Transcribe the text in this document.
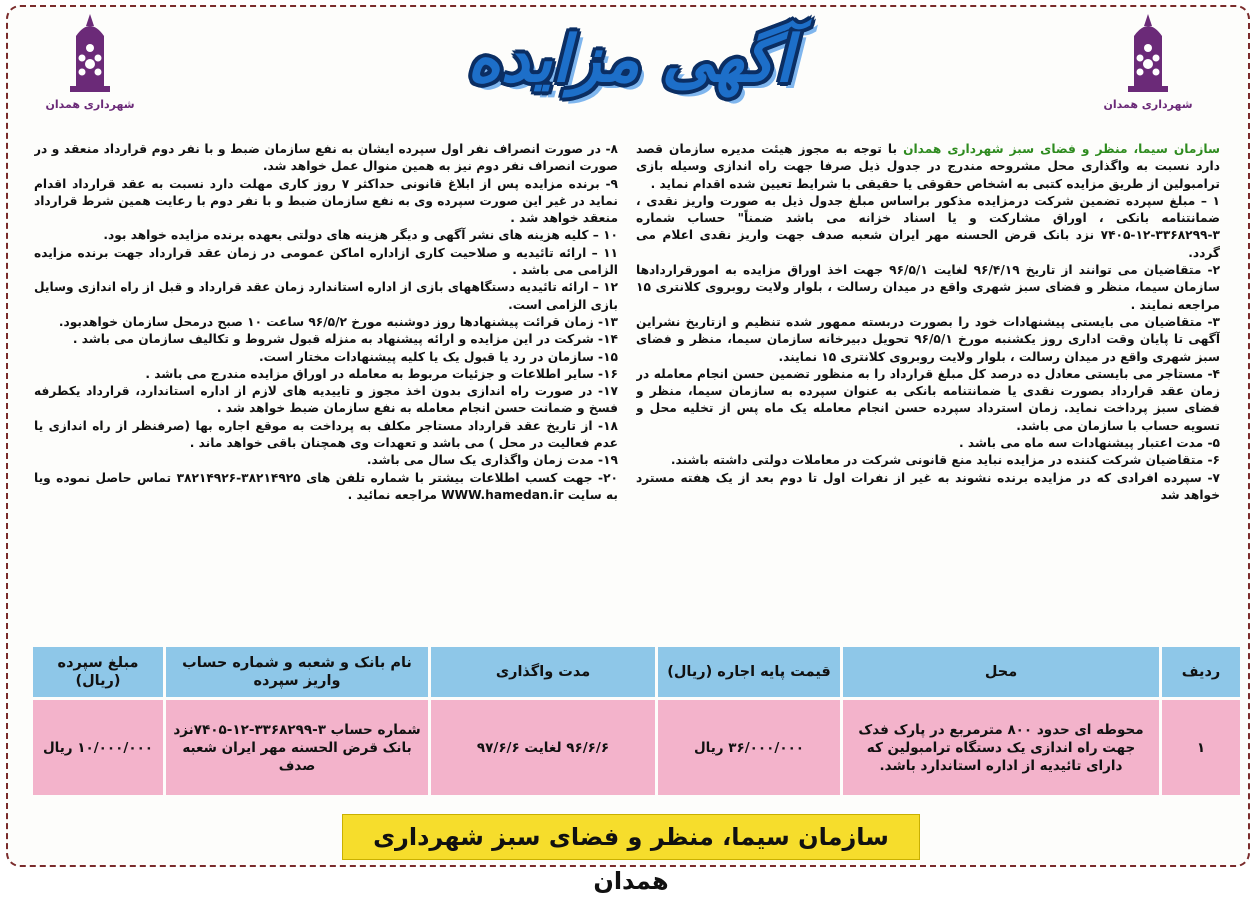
شهرداری همدان	شهرداری همدان
آگهی مزایده

سازمان سیما، منظر و فضای سبز شهرداری همدان با توجه به مجوز هیئت مدیره سازمان قصد دارد نسبت به واگذاری محل مشروحه مندرج در جدول ذیل صرفا جهت راه اندازی وسیله بازی ترامبولین از طریق مزایده کتبی به اشخاص حقوقی یا حقیقی با شرایط تعیین شده اقدام نماید .

۱ – مبلغ سپرده تضمین شرکت درمزایده مذکور براساس مبلغ جدول ذیل به صورت واریز نقدی ، ضمانتنامه بانکی ، اوراق مشارکت و یا اسناد خزانه می باشد ضمناً" حساب شماره ۳-۳۳۶۸۲۹۹-۱۲-۷۴۰۵ نزد بانک قرض الحسنه مهر ایران شعبه صدف جهت واریز نقدی اعلام می گردد.

۲- متقاضیان می توانند از تاریخ ۹۶/۴/۱۹ لغایت ۹۶/۵/۱ جهت اخذ اوراق مزایده به امورقراردادها سازمان سیما، منظر و فضای سبز شهری واقع در میدان رسالت ، بلوار ولایت روبروی کلانتری ۱۵ مراجعه نمایند .

۳- متقاضیان می بایستی پیشنهادات خود را بصورت دربسته ممهور شده تنظیم و ازتاریخ نشراین آگهی تا پایان وقت اداری روز یکشنبه مورخ ۹۶/۵/۱ تحویل دبیرخانه سازمان سیما، منظر و فضای سبز شهری واقع در میدان رسالت ، بلوار ولایت روبروی کلانتری ۱۵ نمایند.

۴- مستاجر می بایستی معادل ده درصد کل مبلغ قرارداد را به منظور تضمین حسن انجام معامله در زمان عقد قرارداد بصورت نقدی یا ضمانتنامه بانکی به عنوان سپرده به سازمان سیما، منظر و فضای سبز پرداخت نماید. زمان استرداد سپرده حسن انجام معامله یک ماه پس از تخلیه محل و تسویه حساب با سازمان می باشد.

۵- مدت اعتبار پیشنهادات سه ماه می باشد .

۶- متقاضیان شرکت کننده در مزایده نباید منع قانونی شرکت در معاملات دولتی داشته باشند.

۷- سپرده افرادی که در مزایده برنده نشوند به غیر از نفرات اول تا دوم بعد از یک هفته مسترد خواهد شد

۸- در صورت انصراف نفر اول سپرده ایشان به نفع سازمان ضبط و با نفر دوم قرارداد منعقد و در صورت انصراف نفر دوم نیز به همین منوال عمل خواهد شد.

۹- برنده مزایده پس از ابلاغ قانونی حداکثر ۷ روز کاری مهلت دارد نسبت به عقد قرارداد اقدام نماید در غیر این صورت سپرده وی به نفع سازمان ضبط و با نفر دوم با رعایت همین شرط قرارداد منعقد خواهد شد .

۱۰ – کلیه هزینه های نشر آگهی و دیگر هزینه های دولتی بعهده برنده مزایده خواهد بود.

۱۱ – ارائه تائیدیه و صلاحیت کاری ازاداره اماکن عمومی در زمان عقد قرارداد جهت برنده مزایده الزامی می باشد .

۱۲ – ارائه تائیدیه دستگاههای بازی از اداره استاندارد زمان عقد قرارداد و قبل از راه اندازی وسایل بازی الزامی است.

۱۳- زمان قرائت پیشنهادها روز دوشنبه مورخ ۹۶/۵/۲ ساعت ۱۰ صبح درمحل سازمان خواهدبود.

۱۴- شرکت در این مزایده و ارائه پیشنهاد به منزله قبول شروط و تکالیف سازمان می باشد .

۱۵- سازمان در رد یا قبول یک یا کلیه پیشنهادات مختار است.

۱۶- سایر اطلاعات و جزئیات مربوط به معامله در اوراق مزایده مندرج می باشد .

۱۷- در صورت راه اندازی بدون اخذ مجوز و تاییدیه های لازم از اداره استاندارد، قرارداد یکطرفه فسخ و ضمانت حسن انجام معامله به نفع سازمان ضبط خواهد شد .

۱۸- از تاریخ عقد قرارداد مستاجر مکلف به پرداخت به موقع اجاره بها (صرفنظر از راه اندازی یا عدم فعالیت در محل ) می باشد و تعهدات وی همچنان باقی خواهد ماند .

۱۹- مدت زمان واگذاری یک سال می باشد.

۲۰- جهت کسب اطلاعات بیشتر با شماره تلفن های ۳۸۲۱۴۹۲۵-۳۸۲۱۴۹۲۶ تماس حاصل نموده ویا به سایت WWW.hamedan.ir مراجعه نمائید .

ردیف	محل	قیمت پایه اجاره (ریال)	مدت واگذاری	نام بانک و شعبه و شماره حساب واریز سپرده	مبلغ سپرده (ریال)
۱	محوطه ای حدود ۸۰۰ مترمربع در پارک فدک جهت راه اندازی یک دستگاه ترامبولین که دارای تائیدیه از اداره استاندارد باشد.	۳۶/۰۰۰/۰۰۰ ریال	۹۶/۶/۶ لغایت ۹۷/۶/۶	شماره حساب ۳-۳۳۶۸۲۹۹-۱۲-۷۴۰۵نزد بانک قرض الحسنه مهر ایران شعبه صدف	۱۰/۰۰۰/۰۰۰ ریال
سازمان سیما، منظر و فضای سبز شهرداری همدان
